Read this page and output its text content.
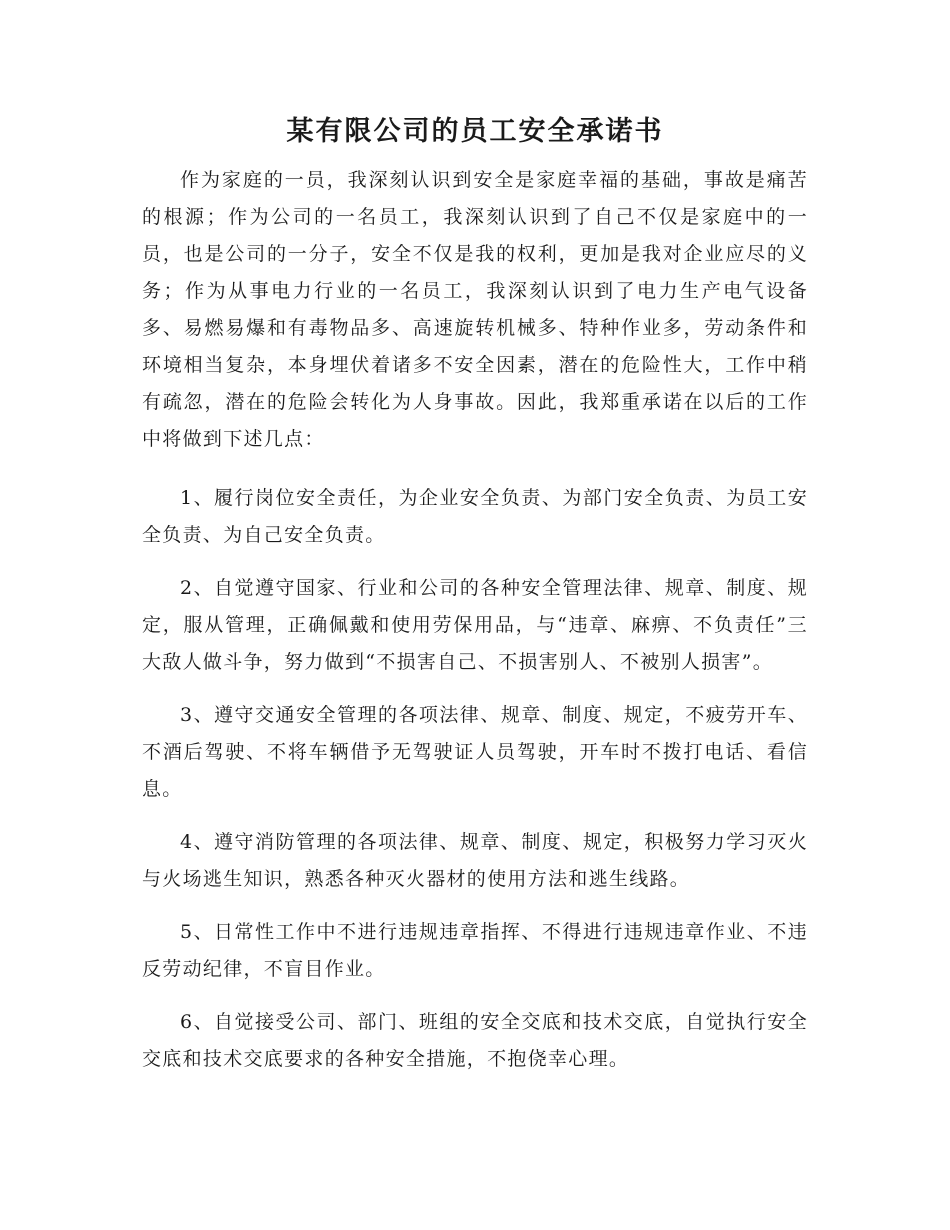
某有限公司的员工安全承诺书

作为家庭的一员，我深刻认识到安全是家庭幸福的基础，事故是痛苦的根源；作为公司的一名员工，我深刻认识到了自己不仅是家庭中的一员，也是公司的一分子，安全不仅是我的权利，更加是我对企业应尽的义务；作为从事电力行业的一名员工，我深刻认识到了电力生产电气设备多、易燃易爆和有毒物品多、高速旋转机械多、特种作业多，劳动条件和环境相当复杂，本身埋伏着诸多不安全因素，潜在的危险性大，工作中稍有疏忽，潜在的危险会转化为人身事故。因此，我郑重承诺在以后的工作中将做到下述几点：

1、履行岗位安全责任，为企业安全负责、为部门安全负责、为员工安全负责、为自己安全负责。

2、自觉遵守国家、行业和公司的各种安全管理法律、规章、制度、规定，服从管理，正确佩戴和使用劳保用品，与“违章、麻痹、不负责任”三大敌人做斗争，努力做到“不损害自己、不损害别人、不被别人损害”。

3、遵守交通安全管理的各项法律、规章、制度、规定，不疲劳开车、不酒后驾驶、不将车辆借予无驾驶证人员驾驶，开车时不拨打电话、看信息。

4、遵守消防管理的各项法律、规章、制度、规定，积极努力学习灭火与火场逃生知识，熟悉各种灭火器材的使用方法和逃生线路。

5、日常性工作中不进行违规违章指挥、不得进行违规违章作业、不违反劳动纪律，不盲目作业。

6、自觉接受公司、部门、班组的安全交底和技术交底，自觉执行安全交底和技术交底要求的各种安全措施，不抱侥幸心理。
